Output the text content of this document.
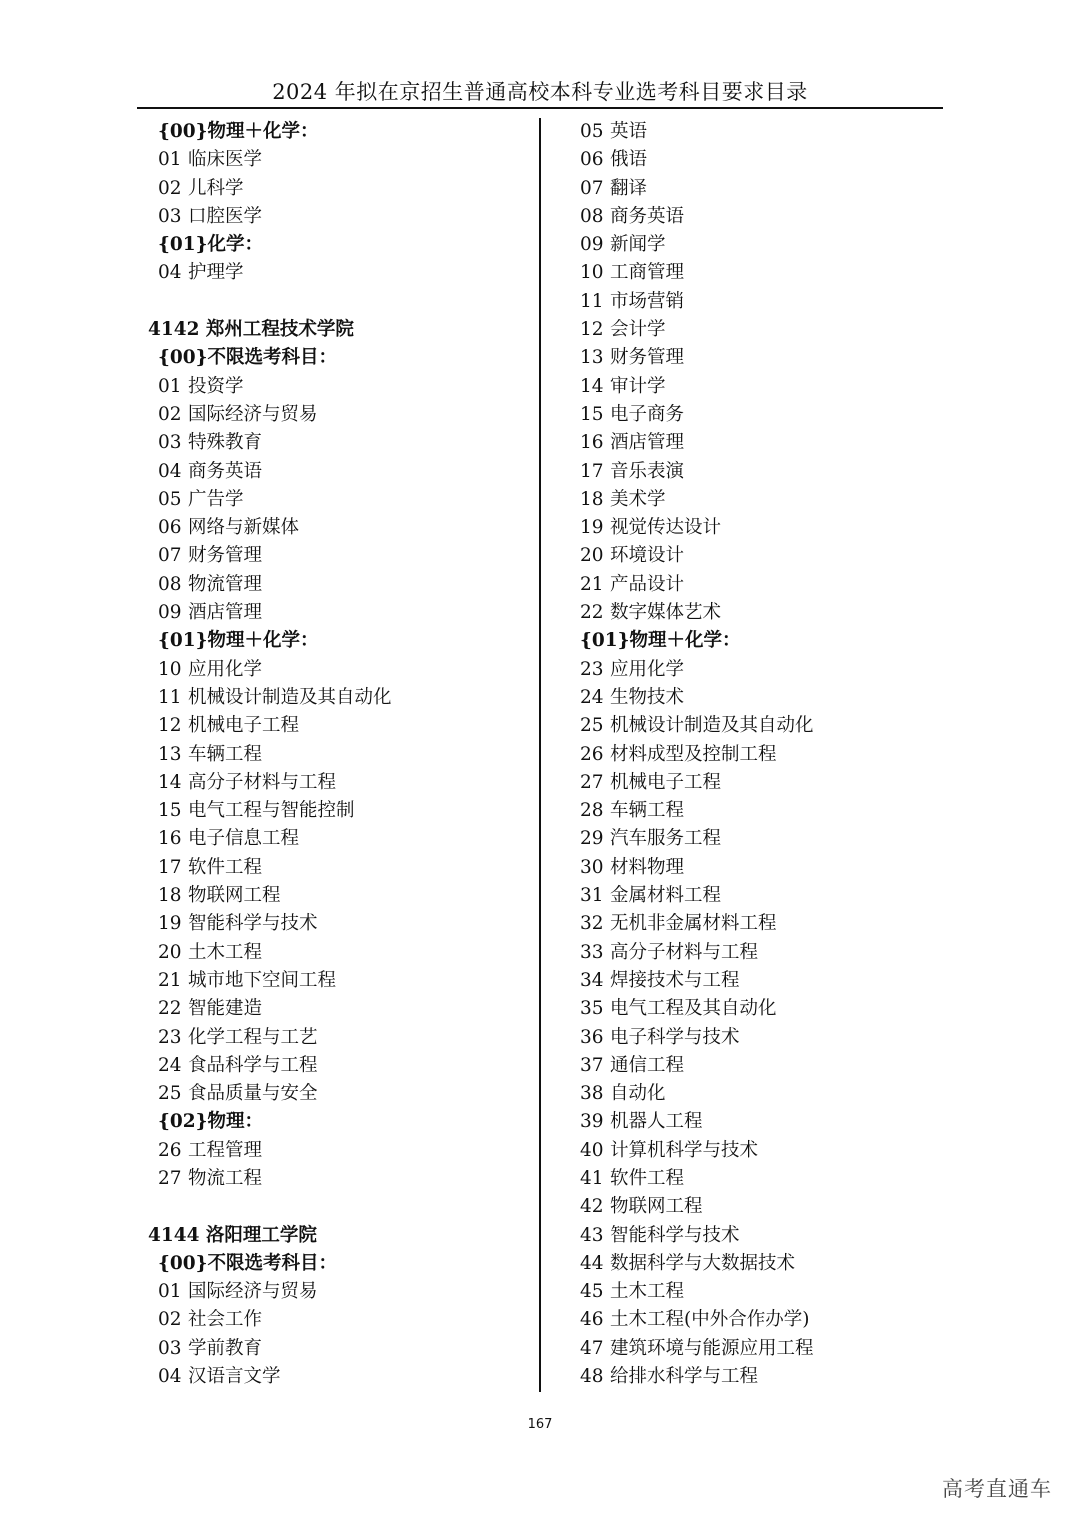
2024 年拟在京招生普通高校本科专业选考科目要求目录
{00}物理＋化学：
01 临床医学
02 儿科学
03 口腔医学
{01}化学：
04 护理学
4142 郑州工程技术学院
{00}不限选考科目：
01 投资学
02 国际经济与贸易
03 特殊教育
04 商务英语
05 广告学
06 网络与新媒体
07 财务管理
08 物流管理
09 酒店管理
{01}物理＋化学：
10 应用化学
11 机械设计制造及其自动化
12 机械电子工程
13 车辆工程
14 高分子材料与工程
15 电气工程与智能控制
16 电子信息工程
17 软件工程
18 物联网工程
19 智能科学与技术
20 土木工程
21 城市地下空间工程
22 智能建造
23 化学工程与工艺
24 食品科学与工程
25 食品质量与安全
{02}物理：
26 工程管理
27 物流工程
4144 洛阳理工学院
{00}不限选考科目：
01 国际经济与贸易
02 社会工作
03 学前教育
04 汉语言文学
05 英语
06 俄语
07 翻译
08 商务英语
09 新闻学
10 工商管理
11 市场营销
12 会计学
13 财务管理
14 审计学
15 电子商务
16 酒店管理
17 音乐表演
18 美术学
19 视觉传达设计
20 环境设计
21 产品设计
22 数字媒体艺术
{01}物理＋化学：
23 应用化学
24 生物技术
25 机械设计制造及其自动化
26 材料成型及控制工程
27 机械电子工程
28 车辆工程
29 汽车服务工程
30 材料物理
31 金属材料工程
32 无机非金属材料工程
33 高分子材料与工程
34 焊接技术与工程
35 电气工程及其自动化
36 电子科学与技术
37 通信工程
38 自动化
39 机器人工程
40 计算机科学与技术
41 软件工程
42 物联网工程
43 智能科学与技术
44 数据科学与大数据技术
45 土木工程
46 土木工程(中外合作办学)
47 建筑环境与能源应用工程
48 给排水科学与工程
167
高考直通车
